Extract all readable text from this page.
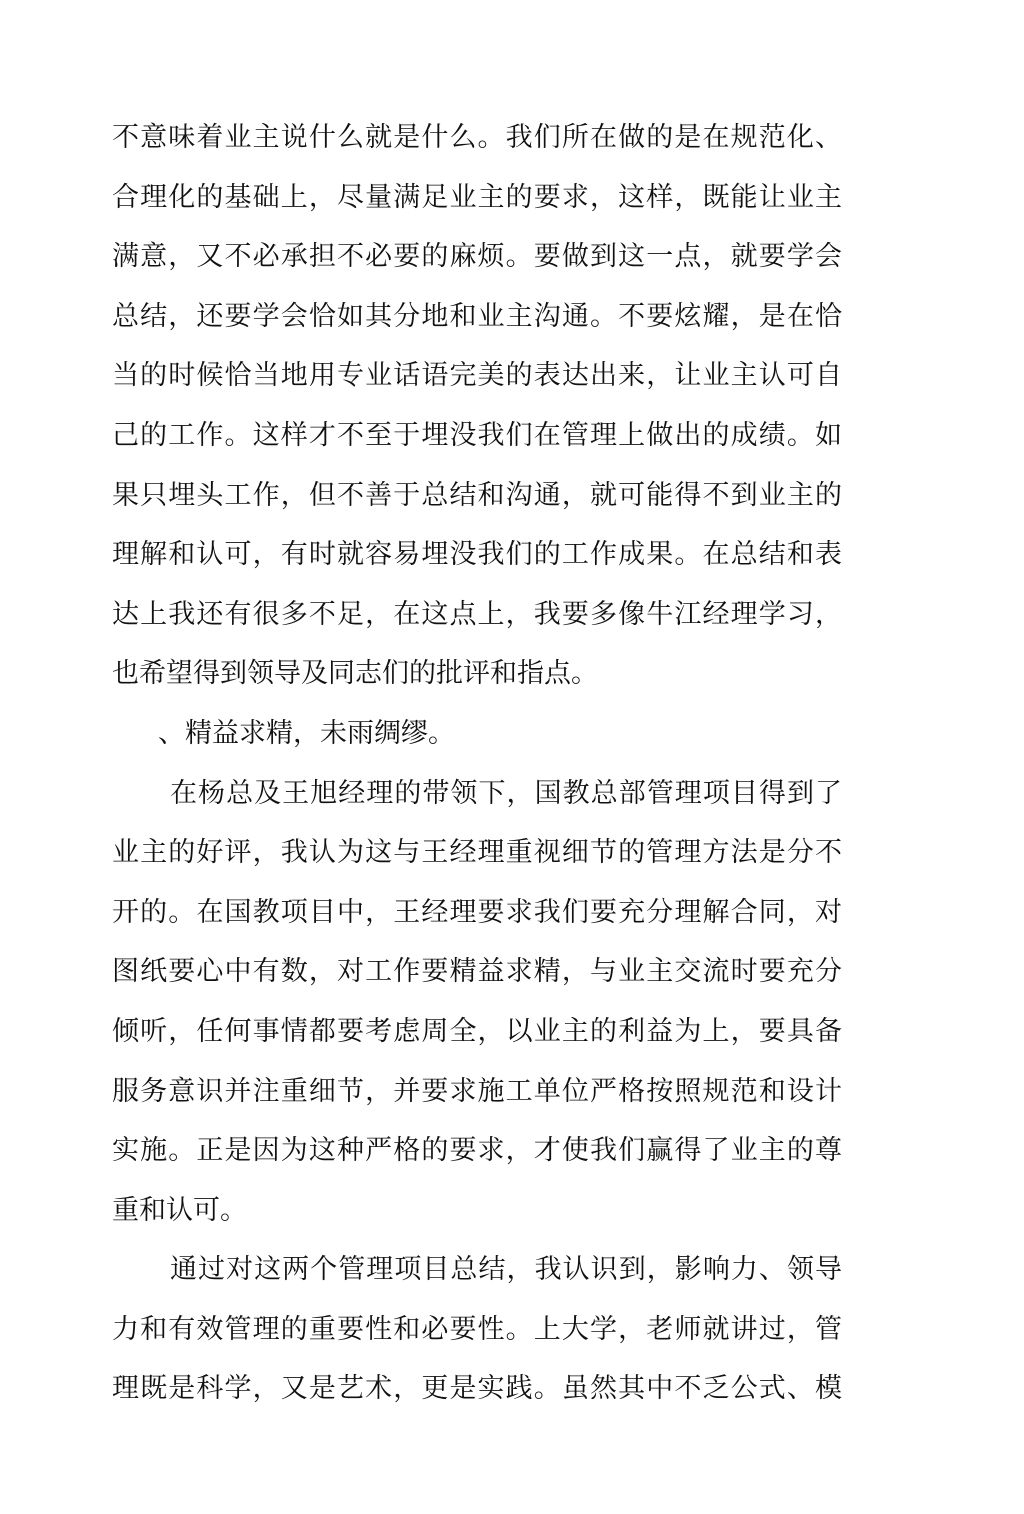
不意味着业主说什么就是什么。我们所在做的是在规范化、
合理化的基础上，尽量满足业主的要求，这样，既能让业主
满意，又不必承担不必要的麻烦。要做到这一点，就要学会
总结，还要学会恰如其分地和业主沟通。不要炫耀，是在恰
当的时候恰当地用专业话语完美的表达出来，让业主认可自
己的工作。这样才不至于埋没我们在管理上做出的成绩。如
果只埋头工作，但不善于总结和沟通，就可能得不到业主的
理解和认可，有时就容易埋没我们的工作成果。在总结和表
达上我还有很多不足，在这点上，我要多像牛江经理学习，
也希望得到领导及同志们的批评和指点。
、精益求精，未雨绸缪。
在杨总及王旭经理的带领下，国教总部管理项目得到了
业主的好评，我认为这与王经理重视细节的管理方法是分不
开的。在国教项目中，王经理要求我们要充分理解合同，对
图纸要心中有数，对工作要精益求精，与业主交流时要充分
倾听，任何事情都要考虑周全，以业主的利益为上，要具备
服务意识并注重细节，并要求施工单位严格按照规范和设计
实施。正是因为这种严格的要求，才使我们赢得了业主的尊
重和认可。
通过对这两个管理项目总结，我认识到，影响力、领导
力和有效管理的重要性和必要性。上大学，老师就讲过，管
理既是科学，又是艺术，更是实践。虽然其中不乏公式、模
